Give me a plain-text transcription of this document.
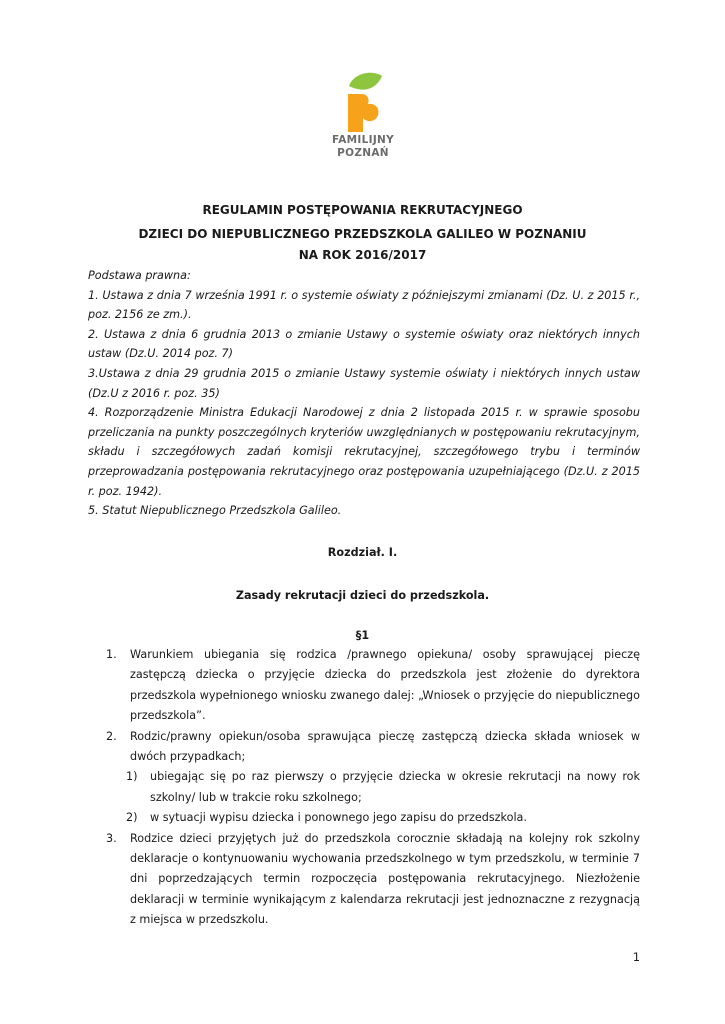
FAMILIJNY
POZNAŃ

REGULAMIN POSTĘPOWANIA REKRUTACYJNEGO

DZIECI DO NIEPUBLICZNEGO PRZEDSZKOLA GALILEO W POZNANIU

NA ROK 2016/2017

Podstawa prawna:

1. Ustawa z dnia 7 września 1991 r. o systemie oświaty z późniejszymi zmianami (Dz. U. z 2015 r., poz. 2156 ze zm.).

2. Ustawa z dnia 6 grudnia 2013 o zmianie Ustawy o systemie oświaty oraz niektórych innych ustaw (Dz.U. 2014 poz. 7)

3.Ustawa z dnia 29 grudnia 2015 o zmianie Ustawy systemie oświaty i niektórych innych ustaw (Dz.U z 2016 r. poz. 35)

4. Rozporządzenie Ministra Edukacji Narodowej z dnia 2 listopada 2015 r. w sprawie sposobu przeliczania na punkty poszczególnych kryteriów uwzględnianych w postępowaniu rekrutacyjnym, składu i szczegółowych zadań komisji rekrutacyjnej, szczegółowego trybu i terminów przeprowadzania postępowania rekrutacyjnego oraz postępowania uzupełniającego (Dz.U. z 2015 r. poz. 1942).

5. Statut Niepublicznego Przedszkola Galileo.

Rozdział. I.

Zasady rekrutacji dzieci do przedszkola.

§1

1. Warunkiem ubiegania się rodzica /prawnego opiekuna/ osoby sprawującej pieczę zastępczą dziecka o przyjęcie dziecka do przedszkola jest złożenie do dyrektora przedszkola wypełnionego wniosku zwanego dalej: „Wniosek o przyjęcie do niepublicznego przedszkola”.
2. Rodzic/prawny opiekun/osoba sprawująca pieczę zastępczą dziecka składa wniosek w dwóch przypadkach;
1) ubiegając się po raz pierwszy o przyjęcie dziecka w okresie rekrutacji na nowy rok szkolny/ lub w trakcie roku szkolnego;
2) w sytuacji wypisu dziecka i ponownego jego zapisu do przedszkola.
3. Rodzice dzieci przyjętych już do przedszkola corocznie składają na kolejny rok szkolny deklaracje o kontynuowaniu wychowania przedszkolnego w tym przedszkolu, w terminie 7 dni poprzedzających termin rozpoczęcia postępowania rekrutacyjnego. Niezłożenie deklaracji w terminie wynikającym z kalendarza rekrutacji jest jednoznaczne z rezygnacją z miejsca w przedszkolu.
1
